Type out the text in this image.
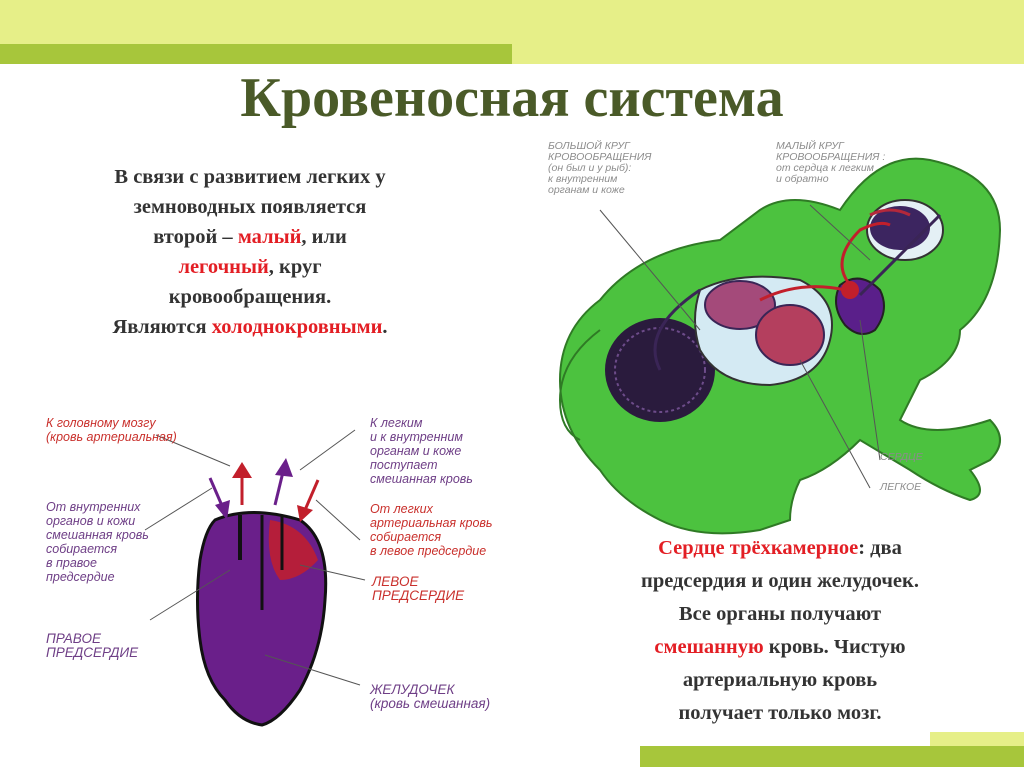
Кровеносная система
В связи с развитием легких у
земноводных появляется
второй – малый, или
легочный, круг
кровообращения.
Являются холоднокровными.
БОЛЬШОЙ КРУГ
КРОВООБРАЩЕНИЯ
(он был и у рыб):
к внутренним
органам и коже
МАЛЫЙ КРУГ
КРОВООБРАЩЕНИЯ :
от сердца к легким
и обратно
СЕРДЦЕ
ЛЕГКОЕ
К головному мозгу
(кровь артериальная)
К легким
и к внутренним
органам и коже
поступает
смешанная кровь
От внутренних
органов и кожи
смешанная кровь
собирается
в правое
предсердие
От легких
артериальная кровь
собирается
в левое предсердие
ЛЕВОЕ
ПРЕДСЕРДИЕ
ПРАВОЕ
ПРЕДСЕРДИЕ
ЖЕЛУДОЧЕК
(кровь смешанная)
Сердце трёхкамерное: два
предсердия и один желудочек.
Все органы получают
смешанную кровь. Чистую
артериальную кровь
получает только мозг.
